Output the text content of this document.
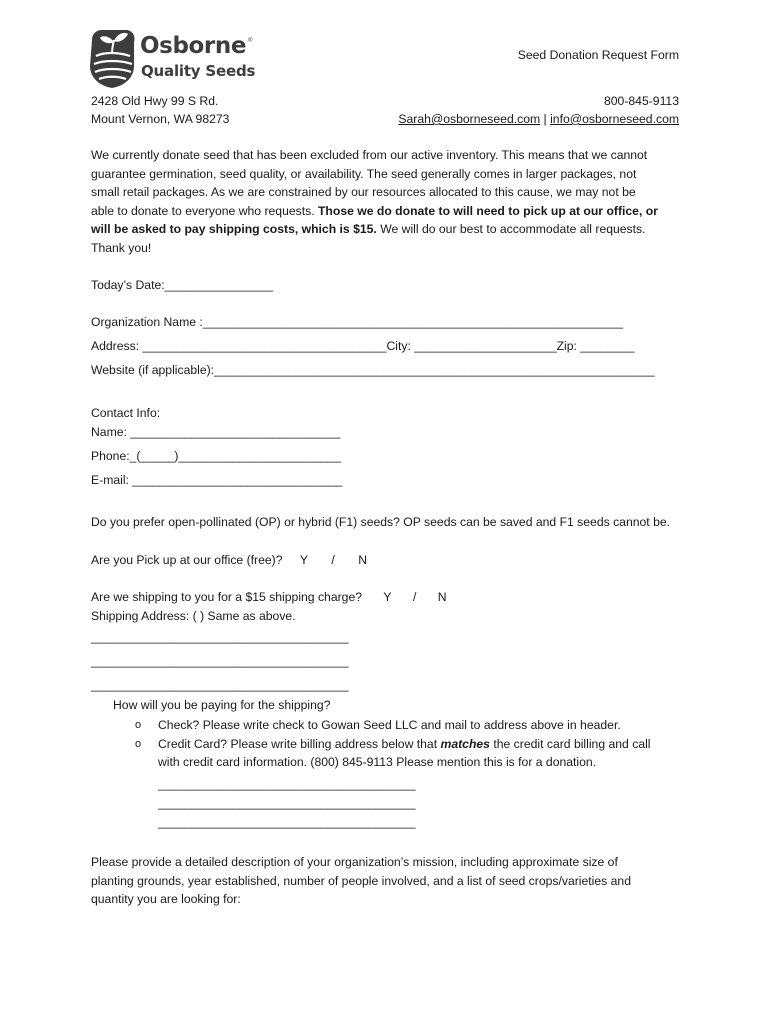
Osborne ®
Quality Seeds
Seed Donation Request Form
2428 Old Hwy 99 S Rd.
Mount Vernon, WA 98273
800-845-9113
Sarah@osborneseed.com | info@osborneseed.com
We currently donate seed that has been excluded from our active inventory. This means that we cannot
guarantee germination, seed quality, or availability. The seed generally comes in larger packages, not
small retail packages. As we are constrained by our resources allocated to this cause, we may not be
able to donate to everyone who requests. Those we do donate to will need to pick up at our office, or
will be asked to pay shipping costs, which is $15. We will do our best to accommodate all requests.
Thank you!
Today’s Date:________________
Organization Name :______________________________________________________________
Address: ____________________________________City: _____________________Zip: ________
Website (if applicable):_________________________________________________________________
Contact Info:
Name: _______________________________
Phone:_(_____)________________________
E-mail: _______________________________
Do you prefer open-pollinated (OP) or hybrid (F1) seeds? OP seeds can be saved and F1 seeds cannot be.
Are you Pick up at our office (free)? Y / N
Are we shipping to you for a $15 shipping charge? Y / N
Shipping Address: ( ) Same as above.
______________________________________
______________________________________
______________________________________
How will you be paying for the shipping?
o Check? Please write check to Gowan Seed LLC and mail to address above in header.
o Credit Card? Please write billing address below that matches the credit card billing and call
with credit card information. (800) 845-9113 Please mention this is for a donation.
______________________________________
______________________________________
______________________________________
Please provide a detailed description of your organization’s mission, including approximate size of
planting grounds, year established, number of people involved, and a list of seed crops/varieties and
quantity you are looking for:
